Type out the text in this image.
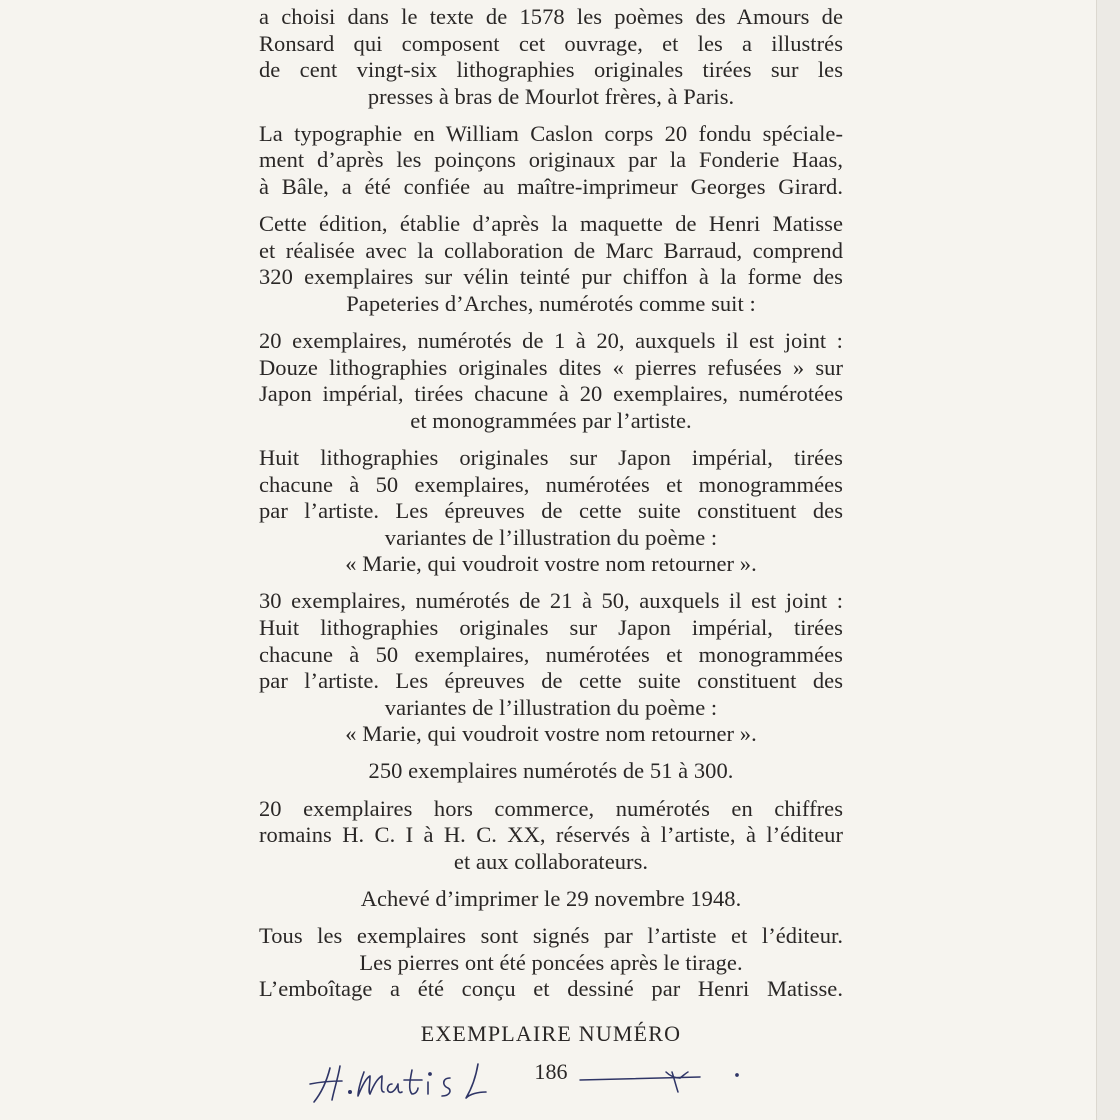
a choisi dans le texte de 1578 les poèmes des Amours de
Ronsard qui composent cet ouvrage, et les a illustrés
de cent vingt-six lithographies originales tirées sur les
presses à bras de Mourlot frères, à Paris.
La typographie en William Caslon corps 20 fondu spéciale-
ment d’après les poinçons originaux par la Fonderie Haas,
à Bâle, a été confiée au maître-imprimeur Georges Girard.
Cette édition, établie d’après la maquette de Henri Matisse
et réalisée avec la collaboration de Marc Barraud, comprend
320 exemplaires sur vélin teinté pur chiffon à la forme des
Papeteries d’Arches, numérotés comme suit :
20 exemplaires, numérotés de 1 à 20, auxquels il est joint :
Douze lithographies originales dites « pierres refusées » sur
Japon impérial, tirées chacune à 20 exemplaires, numérotées
et monogrammées par l’artiste.
Huit lithographies originales sur Japon impérial, tirées
chacune à 50 exemplaires, numérotées et monogrammées
par l’artiste. Les épreuves de cette suite constituent des
variantes de l’illustration du poème :
« Marie, qui voudroit vostre nom retourner ».
30 exemplaires, numérotés de 21 à 50, auxquels il est joint :
Huit lithographies originales sur Japon impérial, tirées
chacune à 50 exemplaires, numérotées et monogrammées
par l’artiste. Les épreuves de cette suite constituent des
variantes de l’illustration du poème :
« Marie, qui voudroit vostre nom retourner ».
250 exemplaires numérotés de 51 à 300.
20 exemplaires hors commerce, numérotés en chiffres
romains H. C. I à H. C. XX, réservés à l’artiste, à l’éditeur
et aux collaborateurs.
Achevé d’imprimer le 29 novembre 1948.
Tous les exemplaires sont signés par l’artiste et l’éditeur.
Les pierres ont été poncées après le tirage.
L’emboîtage a été conçu et dessiné par Henri Matisse.
EXEMPLAIRE NUMÉRO
186
